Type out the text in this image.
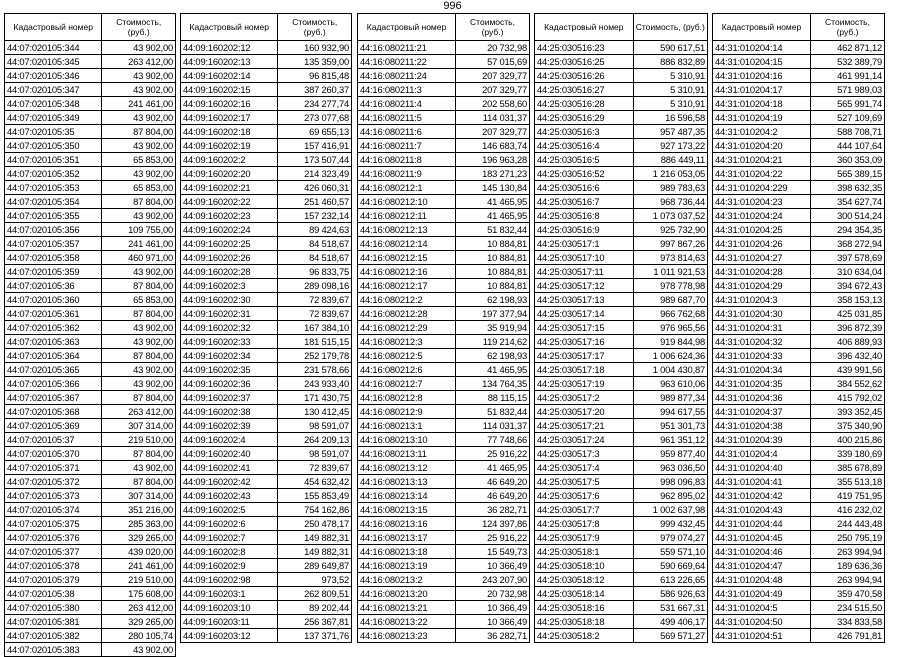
996
Кадастровый номер	Стоимость, (руб.)
44:07:020105:344	43 902,00
44:07:020105:345	263 412,00
44:07:020105:346	43 902,00
44:07:020105:347	43 902,00
44:07:020105:348	241 461,00
44:07:020105:349	43 902,00
44:07:020105:35	87 804,00
44:07:020105:350	43 902,00
44:07:020105:351	65 853,00
44:07:020105:352	43 902,00
44:07:020105:353	65 853,00
44:07:020105:354	87 804,00
44:07:020105:355	43 902,00
44:07:020105:356	109 755,00
44:07:020105:357	241 461,00
44:07:020105:358	460 971,00
44:07:020105:359	43 902,00
44:07:020105:36	87 804,00
44:07:020105:360	65 853,00
44:07:020105:361	87 804,00
44:07:020105:362	43 902,00
44:07:020105:363	43 902,00
44:07:020105:364	87 804,00
44:07:020105:365	43 902,00
44:07:020105:366	43 902,00
44:07:020105:367	87 804,00
44:07:020105:368	263 412,00
44:07:020105:369	307 314,00
44:07:020105:37	219 510,00
44:07:020105:370	87 804,00
44:07:020105:371	43 902,00
44:07:020105:372	87 804,00
44:07:020105:373	307 314,00
44:07:020105:374	351 216,00
44:07:020105:375	285 363,00
44:07:020105:376	329 265,00
44:07:020105:377	439 020,00
44:07:020105:378	241 461,00
44:07:020105:379	219 510,00
44:07:020105:38	175 608,00
44:07:020105:380	263 412,00
44:07:020105:381	329 265,00
44:07:020105:382	280 105,74
44:07:020105:383	43 902,00
Кадастровый номер	Стоимость, (руб.)
44:09:160202:12	160 932,90
44:09:160202:13	135 359,00
44:09:160202:14	96 815,48
44:09:160202:15	387 260,37
44:09:160202:16	234 277,74
44:09:160202:17	273 077,68
44:09:160202:18	69 655,13
44:09:160202:19	157 416,91
44:09:160202:2	173 507,44
44:09:160202:20	214 323,49
44:09:160202:21	426 060,31
44:09:160202:22	251 460,57
44:09:160202:23	157 232,14
44:09:160202:24	89 424,63
44:09:160202:25	84 518,67
44:09:160202:26	84 518,67
44:09:160202:28	96 833,75
44:09:160202:3	289 098,16
44:09:160202:30	72 839,67
44:09:160202:31	72 839,67
44:09:160202:32	167 384,10
44:09:160202:33	181 515,15
44:09:160202:34	252 179,78
44:09:160202:35	231 578,66
44:09:160202:36	243 933,40
44:09:160202:37	171 430,75
44:09:160202:38	130 412,45
44:09:160202:39	98 591,07
44:09:160202:4	264 209,13
44:09:160202:40	98 591,07
44:09:160202:41	72 839,67
44:09:160202:42	454 632,42
44:09:160202:43	155 853,49
44:09:160202:5	754 162,86
44:09:160202:6	250 478,17
44:09:160202:7	149 882,31
44:09:160202:8	149 882,31
44:09:160202:9	289 649,87
44:09:160202:98	973,52
44:09:160203:1	262 809,51
44:09:160203:10	89 202,44
44:09:160203:11	256 367,81
44:09:160203:12	137 371,76
Кадастровый номер	Стоимость, (руб.)
44:16:080211:21	20 732,98
44:16:080211:22	57 015,69
44:16:080211:24	207 329,77
44:16:080211:3	207 329,77
44:16:080211:4	202 558,60
44:16:080211:5	114 031,37
44:16:080211:6	207 329,77
44:16:080211:7	146 683,74
44:16:080211:8	196 963,28
44:16:080211:9	183 271,23
44:16:080212:1	145 130,84
44:16:080212:10	41 465,95
44:16:080212:11	41 465,95
44:16:080212:13	51 832,44
44:16:080212:14	10 884,81
44:16:080212:15	10 884,81
44:16:080212:16	10 884,81
44:16:080212:17	10 884,81
44:16:080212:2	62 198,93
44:16:080212:28	197 377,94
44:16:080212:29	35 919,94
44:16:080212:3	119 214,62
44:16:080212:5	62 198,93
44:16:080212:6	41 465,95
44:16:080212:7	134 764,35
44:16:080212:8	88 115,15
44:16:080212:9	51 832,44
44:16:080213:1	114 031,37
44:16:080213:10	77 748,66
44:16:080213:11	25 916,22
44:16:080213:12	41 465,95
44:16:080213:13	46 649,20
44:16:080213:14	46 649,20
44:16:080213:15	36 282,71
44:16:080213:16	124 397,86
44:16:080213:17	25 916,22
44:16:080213:18	15 549,73
44:16:080213:19	10 366,49
44:16:080213:2	243 207,90
44:16:080213:20	20 732,98
44:16:080213:21	10 366,49
44:16:080213:22	10 366,49
44:16:080213:23	36 282,71
Кадастровый номер	Стоимость, (руб.)
44:25:030516:23	590 617,51
44:25:030516:25	886 832,89
44:25:030516:26	5 310,91
44:25:030516:27	5 310,91
44:25:030516:28	5 310,91
44:25:030516:29	16 596,58
44:25:030516:3	957 487,35
44:25:030516:4	927 173,22
44:25:030516:5	886 449,11
44:25:030516:52	1 216 053,05
44:25:030516:6	989 783,63
44:25:030516:7	968 736,44
44:25:030516:8	1 073 037,52
44:25:030516:9	925 732,90
44:25:030517:1	997 867,26
44:25:030517:10	973 814,63
44:25:030517:11	1 011 921,53
44:25:030517:12	978 778,98
44:25:030517:13	989 687,70
44:25:030517:14	966 762,68
44:25:030517:15	976 965,56
44:25:030517:16	919 844,98
44:25:030517:17	1 006 624,36
44:25:030517:18	1 004 430,87
44:25:030517:19	963 610,06
44:25:030517:2	989 877,34
44:25:030517:20	994 617,55
44:25:030517:21	951 301,73
44:25:030517:24	961 351,12
44:25:030517:3	959 877,40
44:25:030517:4	963 036,50
44:25:030517:5	998 096,83
44:25:030517:6	962 895,02
44:25:030517:7	1 002 637,98
44:25:030517:8	999 432,45
44:25:030517:9	979 074,27
44:25:030518:1	559 571,10
44:25:030518:10	590 669,64
44:25:030518:12	613 226,65
44:25:030518:14	586 926,63
44:25:030518:16	531 667,31
44:25:030518:18	499 406,17
44:25:030518:2	569 571,27
Кадастровый номер	Стоимость, (руб.)
44:31:010204:14	462 871,12
44:31:010204:15	532 389,79
44:31:010204:16	461 991,14
44:31:010204:17	571 989,03
44:31:010204:18	565 991,74
44:31:010204:19	527 109,69
44:31:010204:2	588 708,71
44:31:010204:20	444 107,64
44:31:010204:21	360 353,09
44:31:010204:22	565 389,15
44:31:010204:229	398 632,35
44:31:010204:23	354 627,74
44:31:010204:24	300 514,24
44:31:010204:25	294 354,35
44:31:010204:26	368 272,94
44:31:010204:27	397 578,69
44:31:010204:28	310 634,04
44:31:010204:29	394 672,43
44:31:010204:3	358 153,13
44:31:010204:30	425 031,85
44:31:010204:31	396 872,39
44:31:010204:32	406 889,93
44:31:010204:33	396 432,40
44:31:010204:34	439 991,56
44:31:010204:35	384 552,62
44:31:010204:36	415 792,02
44:31:010204:37	393 352,45
44:31:010204:38	375 340,90
44:31:010204:39	400 215,86
44:31:010204:4	339 180,69
44:31:010204:40	385 678,89
44:31:010204:41	355 513,18
44:31:010204:42	419 751,95
44:31:010204:43	416 232,02
44:31:010204:44	244 443,48
44:31:010204:45	250 795,19
44:31:010204:46	263 994,94
44:31:010204:47	189 636,36
44:31:010204:48	263 994,94
44:31:010204:49	359 470,58
44:31:010204:5	234 515,50
44:31:010204:50	334 833,58
44:31:010204:51	426 791,81
